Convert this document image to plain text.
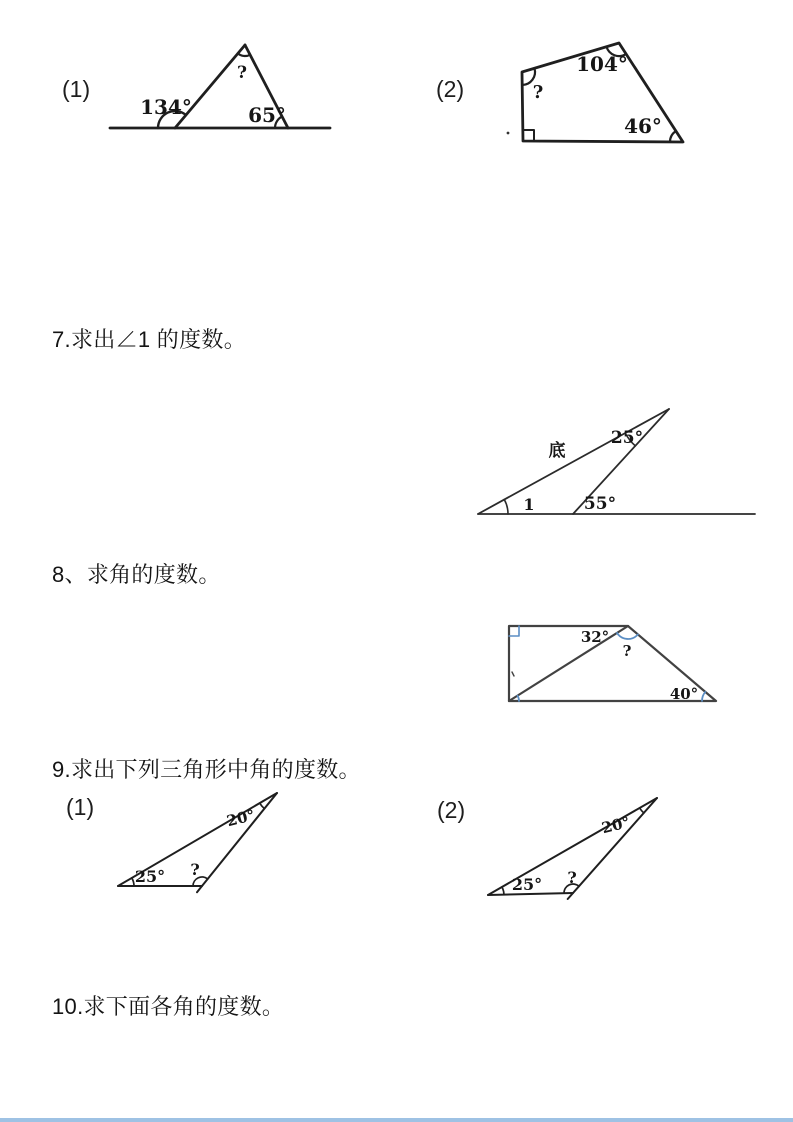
(1)
134°
?
65°
(2)	?
104°
46°
7.求出∠1 的度数。
底
25°
1	55°
8、求角的度数。
32°
?
40°
9.求出下列三角形中角的度数。
(1)
25° ?
20°	(2)
25° ?
20°
10.求下面各角的度数。
